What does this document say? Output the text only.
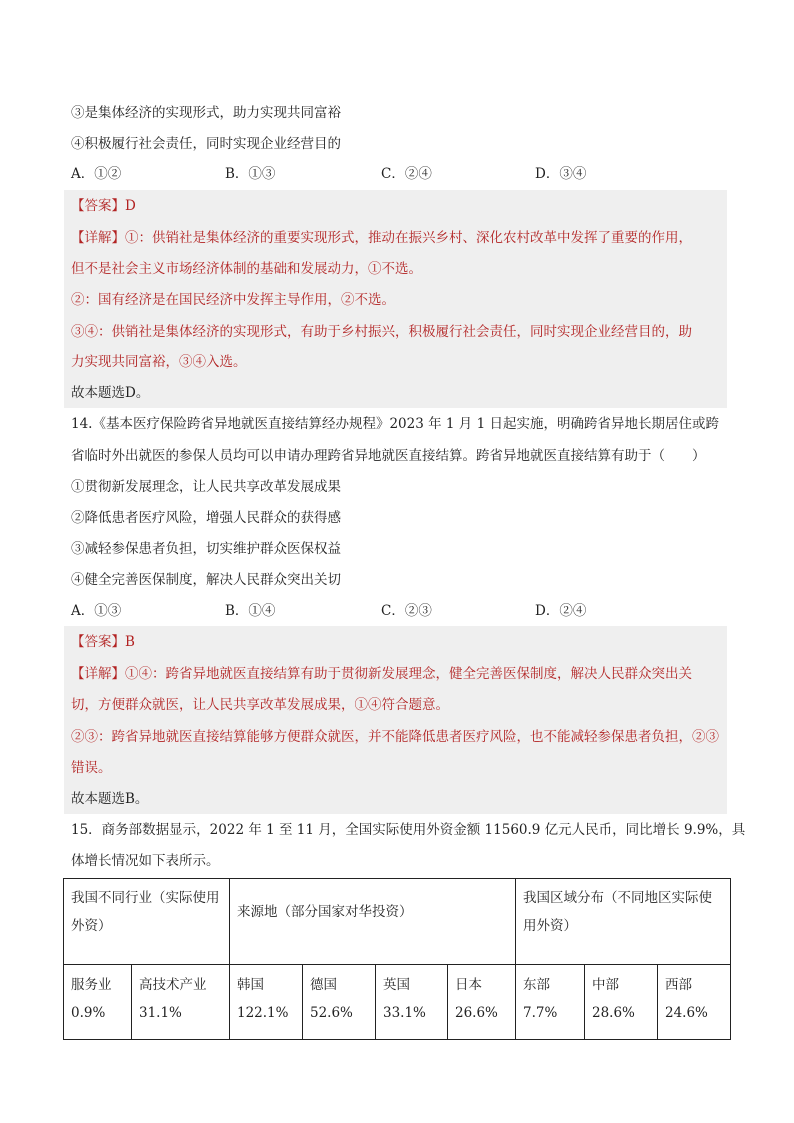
③是集体经济的实现形式，助力实现共同富裕
④积极履行社会责任，同时实现企业经营目的
A．①②	B．①③	C．②④	D．③④
【答案】D
【详解】①：供销社是集体经济的重要实现形式，推动在振兴乡村、深化农村改革中发挥了重要的作用，
但不是社会主义市场经济体制的基础和发展动力，①不选。
②：国有经济是在国民经济中发挥主导作用，②不选。
③④：供销社是集体经济的实现形式，有助于乡村振兴，积极履行社会责任，同时实现企业经营目的，助
力实现共同富裕，③④入选。
故本题选D。
14.《基本医疗保险跨省异地就医直接结算经办规程》2023 年 1 月 1 日起实施，明确跨省异地长期居住或跨
省临时外出就医的参保人员均可以申请办理跨省异地就医直接结算。跨省异地就医直接结算有助于（　　）
①贯彻新发展理念，让人民共享改革发展成果
②降低患者医疗风险，增强人民群众的获得感
③减轻参保患者负担，切实维护群众医保权益
④健全完善医保制度，解决人民群众突出关切
A．①③	B．①④	C．②③	D．②④
【答案】B
【详解】①④：跨省异地就医直接结算有助于贯彻新发展理念，健全完善医保制度，解决人民群众突出关
切，方便群众就医，让人民共享改革发展成果，①④符合题意。
②③：跨省异地就医直接结算能够方便群众就医，并不能降低患者医疗风险，也不能减轻参保患者负担，②③
错误。
故本题选B。
15．商务部数据显示，2022 年 1 至 11 月，全国实际使用外资金额 11560.9 亿元人民币，同比增长 9.9%，具
体增长情况如下表所示。
我国不同行业（实际使用
外资）		来源地（部分国家对华投资）				我国区域分布（不同地区实际使
用外资）		

服务业
0.9%	高技术产业
31.1%	韩国
122.1%	德国
52.6%	英国
33.1%	日本
26.6%	东部
7.7%	中部
28.6%	西部
24.6%
